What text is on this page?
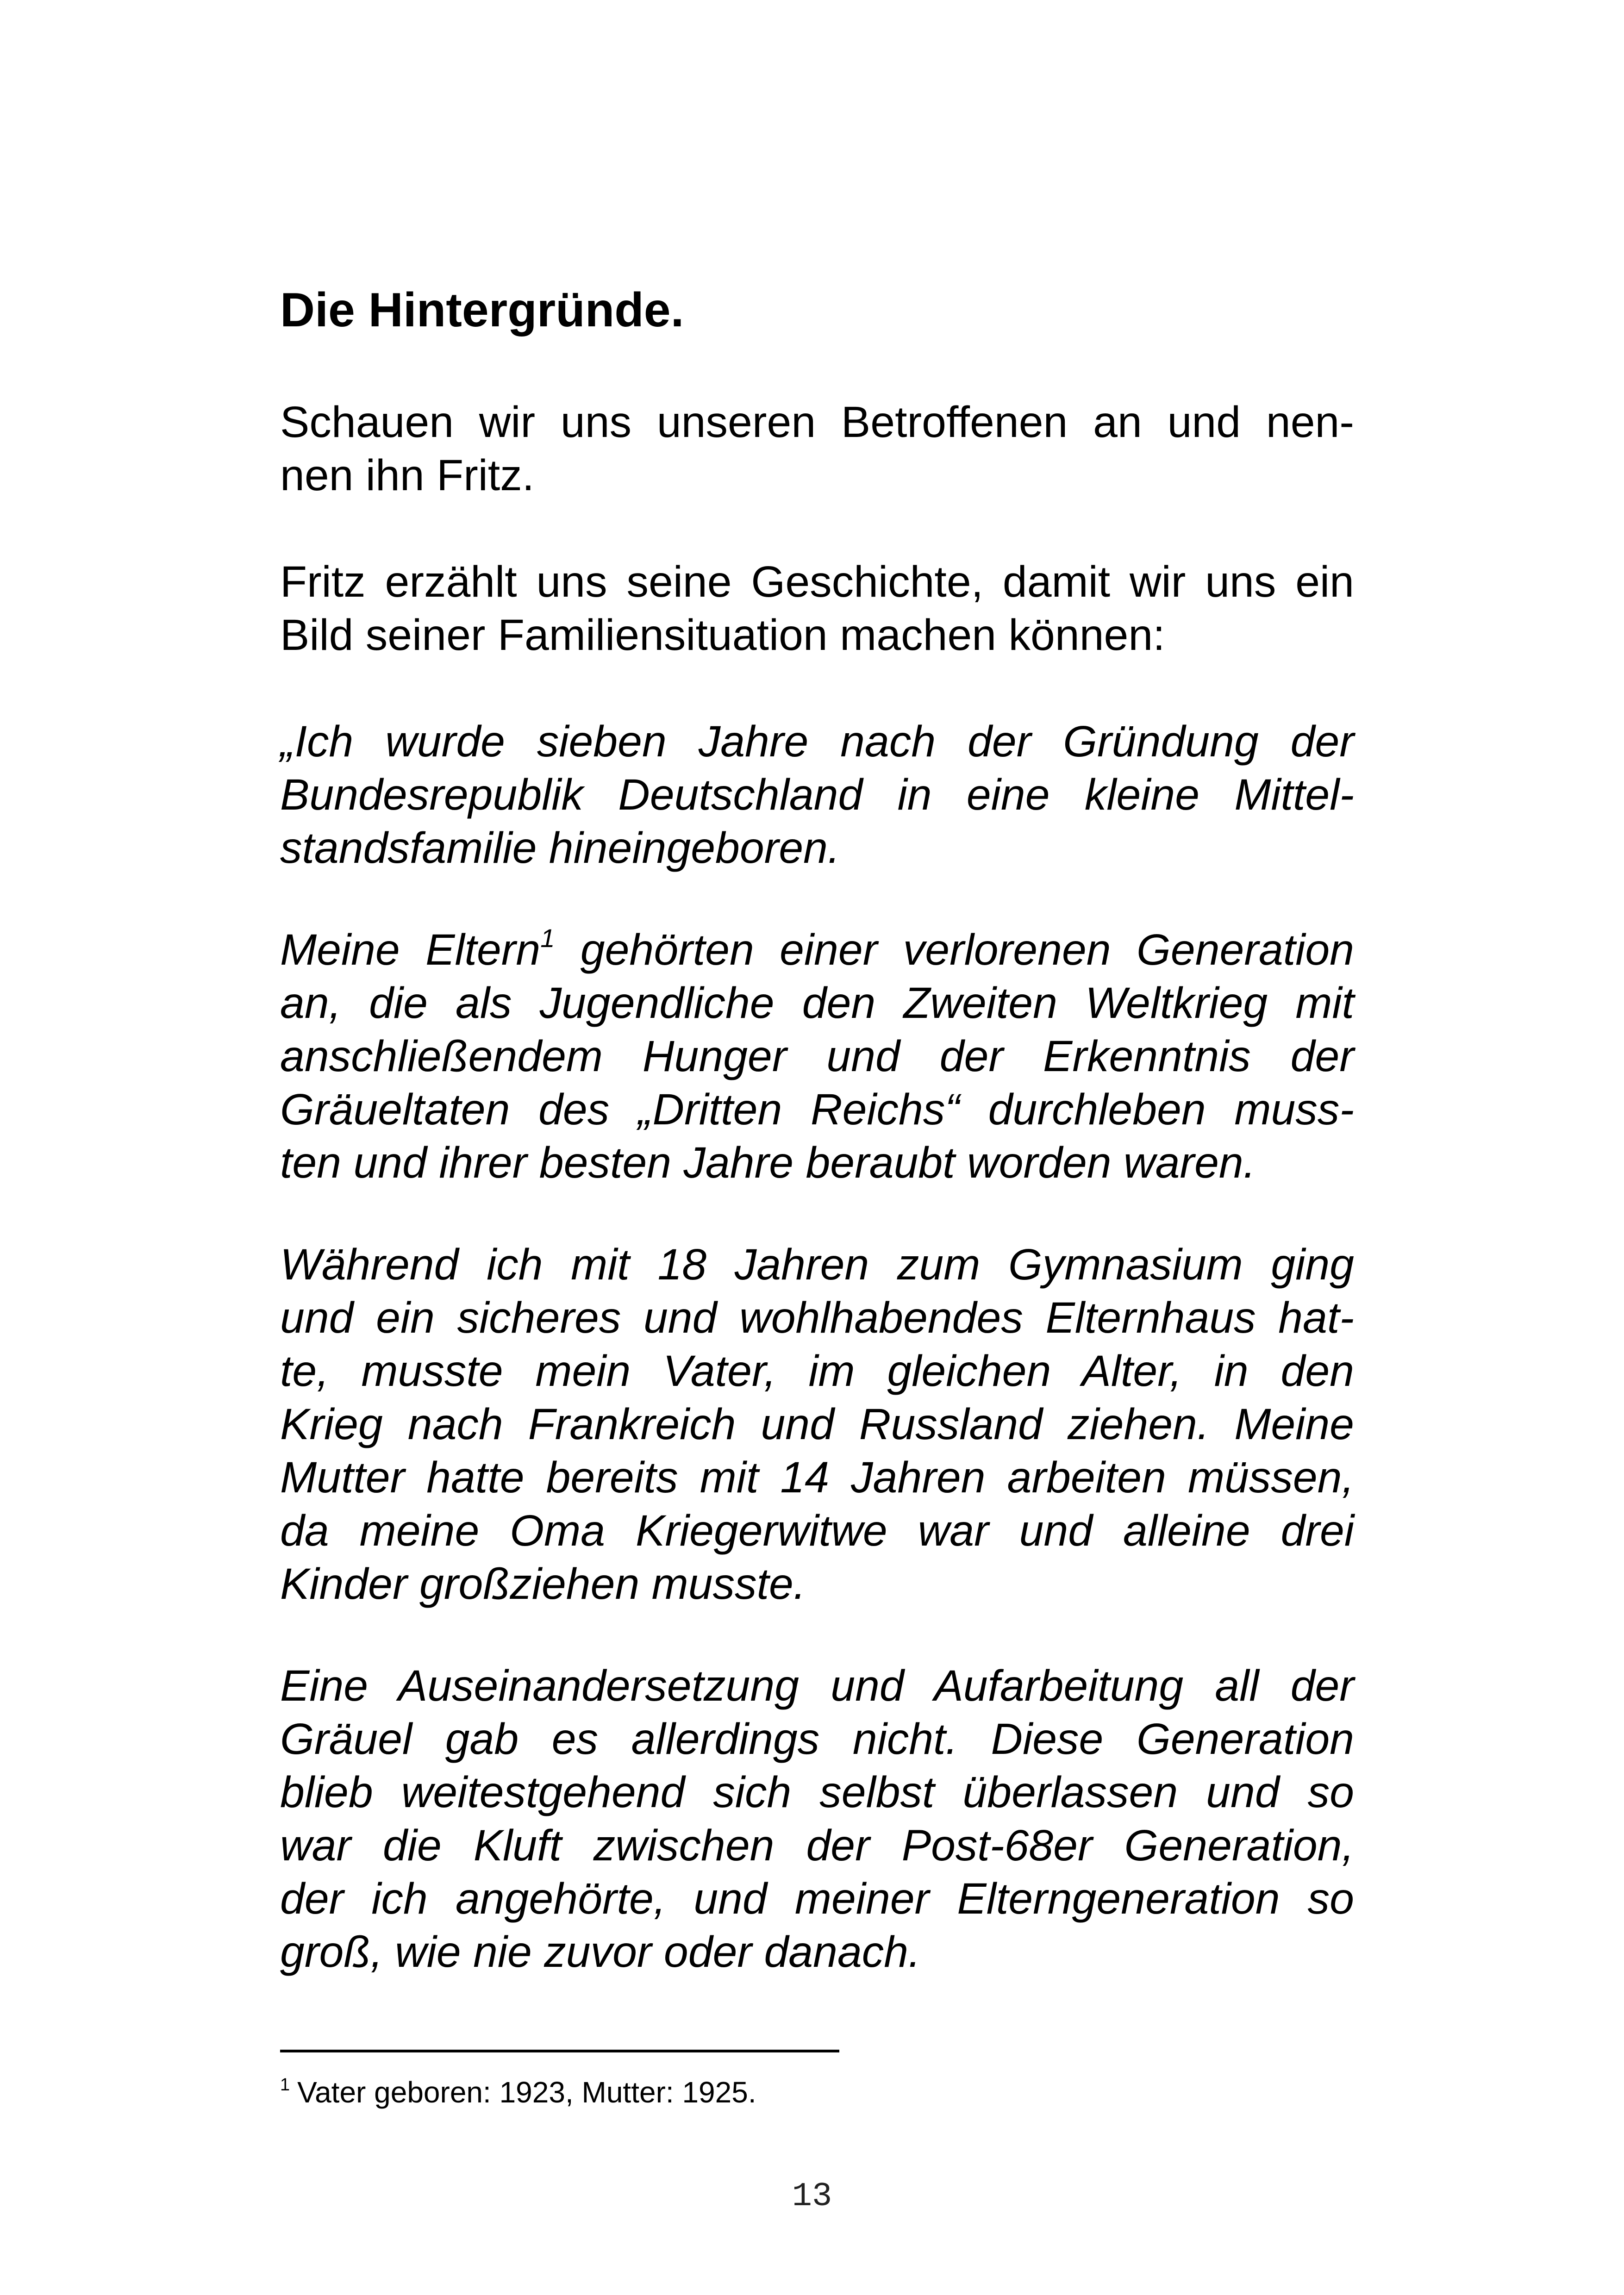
Die Hintergründe.

Schauen wir uns unseren Betroffenen an und nen-
nen ihn Fritz.

Fritz erzählt uns seine Geschichte, damit wir uns ein
Bild seiner Familiensituation machen können:

„Ich wurde sieben Jahre nach der Gründung der
Bundesrepublik Deutschland in eine kleine Mittel-
standsfamilie hineingeboren.

Meine Eltern$^1$ gehörten einer verlorenen Generation
an, die als Jugendliche den Zweiten Weltkrieg mit
anschließendem Hunger und der Erkenntnis der
Gräueltaten des „Dritten Reichs“ durchleben muss-
ten und ihrer besten Jahre beraubt worden waren.

Während ich mit 18 Jahren zum Gymnasium ging
und ein sicheres und wohlhabendes Elternhaus hat-
te, musste mein Vater, im gleichen Alter, in den
Krieg nach Frankreich und Russland ziehen. Meine
Mutter hatte bereits mit 14 Jahren arbeiten müssen,
da meine Oma Kriegerwitwe war und alleine drei
Kinder großziehen musste.

Eine Auseinandersetzung und Aufarbeitung all der
Gräuel gab es allerdings nicht. Diese Generation
blieb weitestgehend sich selbst überlassen und so
war die Kluft zwischen der Post-68er Generation,
der ich angehörte, und meiner Elterngeneration so
groß, wie nie zuvor oder danach.

$^1$ Vater geboren: 1923, Mutter: 1925.
13
